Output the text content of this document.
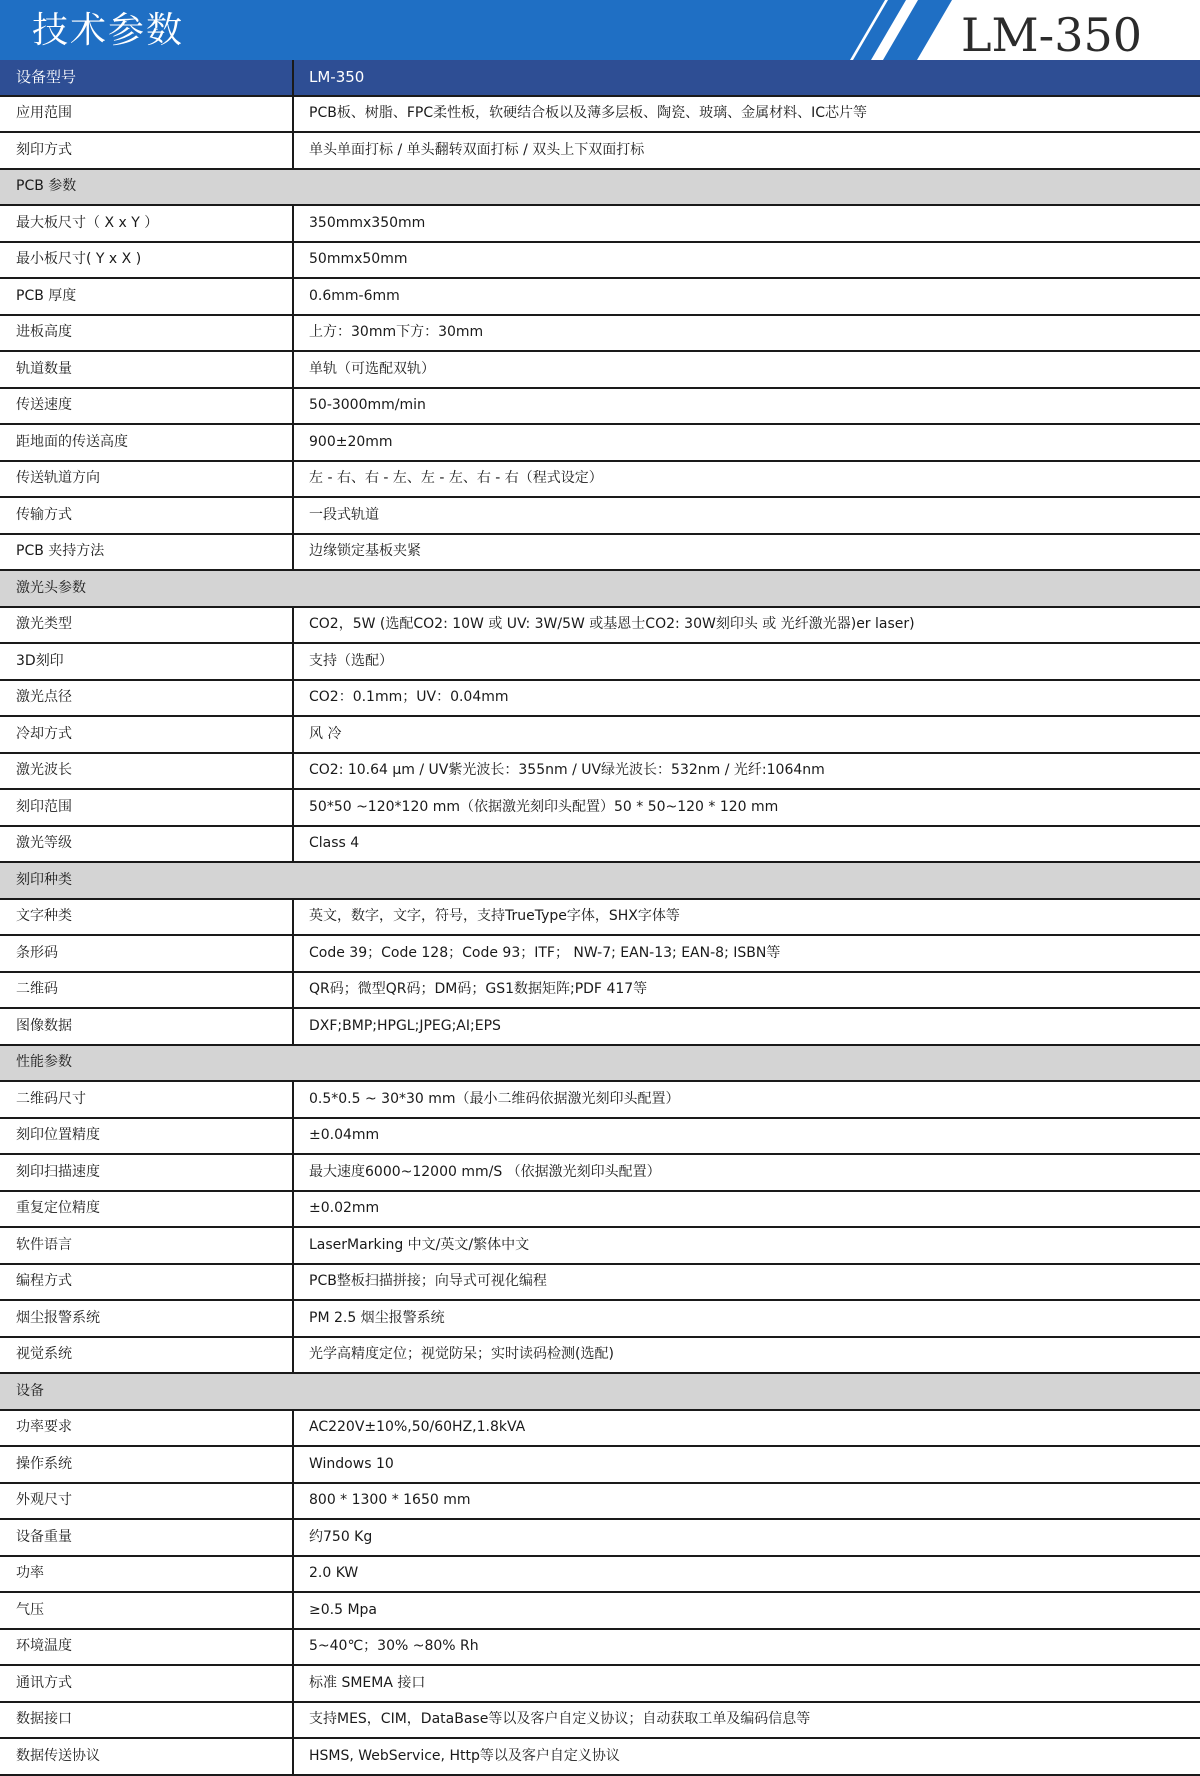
技术参数	LM-350
设备型号	LM-350
应用范围	PCB板、树脂、FPC柔性板，软硬结合板以及薄多层板、陶瓷、玻璃、金属材料、IC芯片等
刻印方式	单头单面打标 / 单头翻转双面打标 / 双头上下双面打标
PCB 参数	
最大板尺寸（ X x Y ）	350mmx350mm
最小板尺寸( Y x X )	50mmx50mm
PCB 厚度	0.6mm-6mm
进板高度	上方：30mm下方：30mm
轨道数量	单轨（可选配双轨）
传送速度	50-3000mm/min
距地面的传送高度	900±20mm
传送轨道方向	左 - 右、右 - 左、左 - 左、右 - 右（程式设定）
传输方式	一段式轨道
PCB 夹持方法	边缘锁定基板夹紧
激光头参数	
激光类型	CO2，5W (选配CO2: 10W 或 UV: 3W/5W 或基恩士CO2: 30W刻印头 或 光纤激光器)er laser)
3D刻印	支持（选配）
激光点径	CO2：0.1mm；UV：0.04mm
冷却方式	风 冷
激光波长	CO2: 10.64 μm / UV紫光波长：355nm / UV绿光波长：532nm / 光纤:1064nm
刻印范围	50*50 ~120*120 mm（依据激光刻印头配置）50 * 50~120 * 120 mm
激光等级	Class 4
刻印种类	
文字种类	英文，数字，文字，符号，支持TrueType字体，SHX字体等
条形码	Code 39；Code 128；Code 93；ITF； NW-7; EAN-13; EAN-8; ISBN等
二维码	QR码；微型QR码；DM码；GS1数据矩阵;PDF 417等
图像数据	DXF;BMP;HPGL;JPEG;AI;EPS
性能参数	
二维码尺寸	0.5*0.5 ~ 30*30 mm（最小二维码依据激光刻印头配置）
刻印位置精度	±0.04mm
刻印扫描速度	最大速度6000~12000 mm/S （依据激光刻印头配置）
重复定位精度	±0.02mm
软件语言	LaserMarking 中文/英文/繁体中文
编程方式	PCB整板扫描拼接；向导式可视化编程
烟尘报警系统	PM 2.5 烟尘报警系统
视觉系统	光学高精度定位；视觉防呆；实时读码检测(选配)
设备	
功率要求	AC220V±10%,50/60HZ,1.8kVA
操作系统	Windows 10
外观尺寸	800 * 1300 * 1650 mm
设备重量	约750 Kg
功率	2.0 KW
气压	≥0.5 Mpa
环境温度	5~40℃；30% ~80% Rh
通讯方式	标准 SMEMA 接口
数据接口	支持MES，CIM，DataBase等以及客户自定义协议；自动获取工单及编码信息等
数据传送协议	HSMS, WebService, Http等以及客户自定义协议
